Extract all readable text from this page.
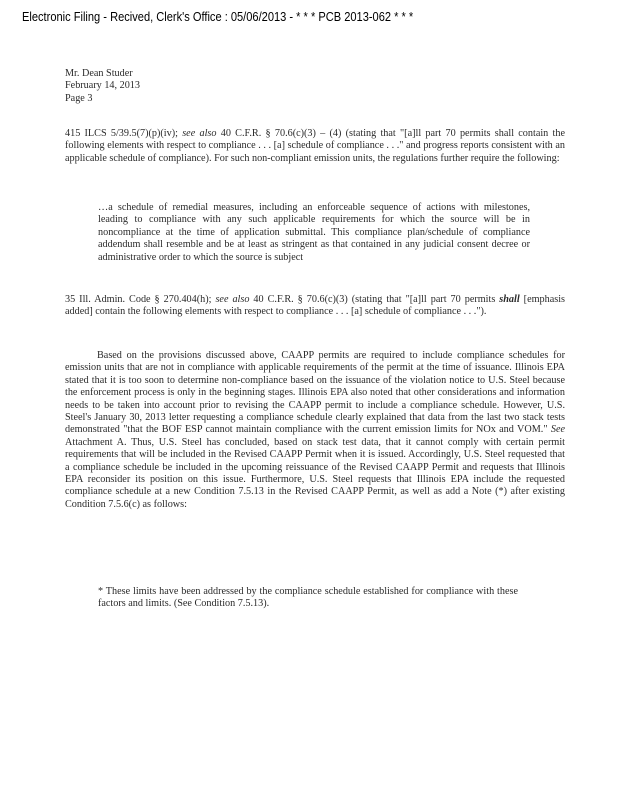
Electronic Filing - Recived, Clerk's Office : 05/06/2013 - * * * PCB 2013-062 * * *
Mr. Dean Studer
February 14, 2013
Page 3
415 ILCS 5/39.5(7)(p)(iv); see also 40 C.F.R. § 70.6(c)(3) – (4) (stating that "[a]ll part 70 permits shall contain the following elements with respect to compliance . . . [a] schedule of compliance . . ." and progress reports consistent with an applicable schedule of compliance). For such non-compliant emission units, the regulations further require the following:
…a schedule of remedial measures, including an enforceable sequence of actions with milestones, leading to compliance with any such applicable requirements for which the source will be in noncompliance at the time of application submittal. This compliance plan/schedule of compliance addendum shall resemble and be at least as stringent as that contained in any judicial consent decree or administrative order to which the source is subject
35 Ill. Admin. Code § 270.404(h); see also 40 C.F.R. § 70.6(c)(3) (stating that "[a]ll part 70 permits shall [emphasis added] contain the following elements with respect to compliance . . . [a] schedule of compliance . . .").
Based on the provisions discussed above, CAAPP permits are required to include compliance schedules for emission units that are not in compliance with applicable requirements of the permit at the time of issuance. Illinois EPA stated that it is too soon to determine non-compliance based on the issuance of the violation notice to U.S. Steel because the enforcement process is only in the beginning stages. Illinois EPA also noted that other considerations and information needs to be taken into account prior to revising the CAAPP permit to include a compliance schedule. However, U.S. Steel's January 30, 2013 letter requesting a compliance schedule clearly explained that data from the last two stack tests demonstrated "that the BOF ESP cannot maintain compliance with the current emission limits for NOx and VOM." See Attachment A. Thus, U.S. Steel has concluded, based on stack test data, that it cannot comply with certain permit requirements that will be included in the Revised CAAPP Permit when it is issued. Accordingly, U.S. Steel requested that a compliance schedule be included in the upcoming reissuance of the Revised CAAPP Permit and requests that Illinois EPA reconsider its position on this issue. Furthermore, U.S. Steel requests that Illinois EPA include the requested compliance schedule at a new Condition 7.5.13 in the Revised CAAPP Permit, as well as add a Note (*) after existing Condition 7.5.6(c) as follows:
* These limits have been addressed by the compliance schedule established for compliance with these factors and limits. (See Condition 7.5.13).
